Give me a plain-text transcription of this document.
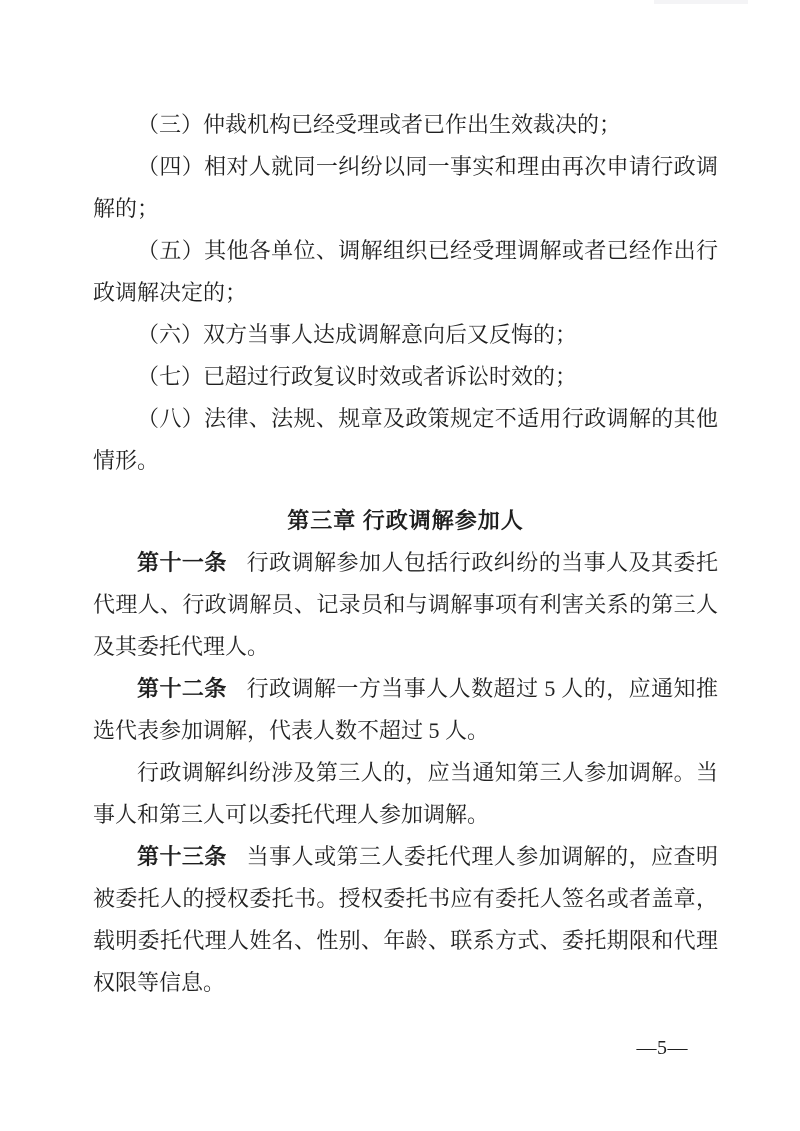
（三）仲裁机构已经受理或者已作出生效裁决的；

（四）相对人就同一纠纷以同一事实和理由再次申请行政调解的；

（五）其他各单位、调解组织已经受理调解或者已经作出行政调解决定的；

（六）双方当事人达成调解意向后又反悔的；

（七）已超过行政复议时效或者诉讼时效的；

（八）法律、法规、规章及政策规定不适用行政调解的其他情形。

第三章 行政调解参加人

第十一条 行政调解参加人包括行政纠纷的当事人及其委托代理人、行政调解员、记录员和与调解事项有利害关系的第三人及其委托代理人。

第十二条 行政调解一方当事人人数超过 5 人的，应通知推选代表参加调解，代表人数不超过 5 人。

行政调解纠纷涉及第三人的，应当通知第三人参加调解。当事人和第三人可以委托代理人参加调解。

第十三条 当事人或第三人委托代理人参加调解的，应查明被委托人的授权委托书。授权委托书应有委托人签名或者盖章，载明委托代理人姓名、性别、年龄、联系方式、委托期限和代理权限等信息。

—5—
